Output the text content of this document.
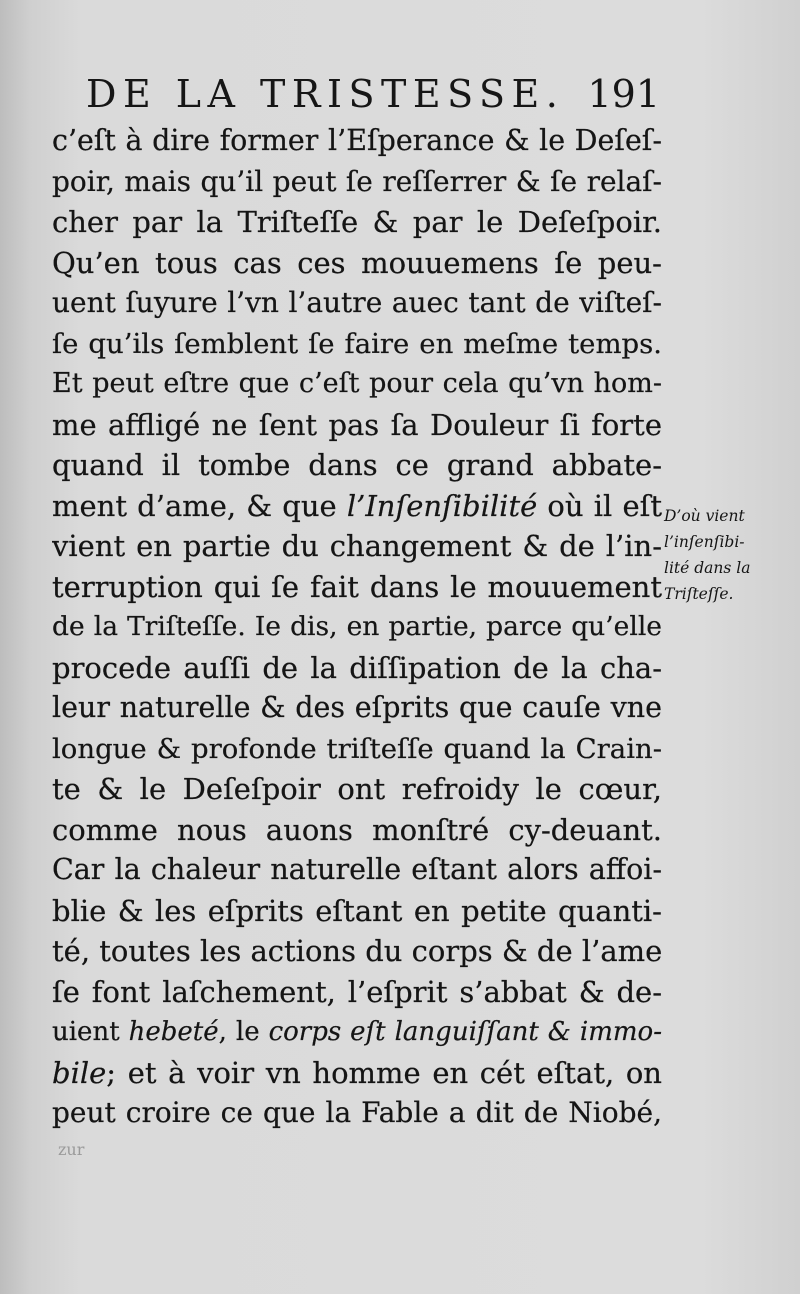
DE LA TRISTESSE. 191
c’eſt à dire former l’Eſperance & le Deſeſ-
poir, mais qu’il peut ſe reſſerrer & ſe relaſ-
cher par la Triſteſſe & par le Deſeſpoir.
Qu’en tous cas ces mouuemens ſe peu-
uent ſuyure l’vn l’autre auec tant de viſteſ-
ſe qu’ils ſemblent ſe faire en meſme temps.
Et peut eſtre que c’eſt pour cela qu’vn hom-
me affligé ne ſent pas ſa Douleur ſi forte
quand il tombe dans ce grand abbate-
ment d’ame, & que l’Inſenſibilité où il eſt
vient en partie du changement & de l’in-
terruption qui ſe fait dans le mouuement
de la Triſteſſe. Ie dis, en partie, parce qu’elle
procede auſſi de la diſſipation de la cha-
leur naturelle & des eſprits que cauſe vne
longue & profonde triſteſſe quand la Crain-
te & le Deſeſpoir ont refroidy le cœur,
comme nous auons monſtré cy-deuant.
Car la chaleur naturelle eſtant alors affoi-
blie & les eſprits eſtant en petite quanti-
té, toutes les actions du corps & de l’ame
ſe font laſchement, l’eſprit s’abbat & de-
uient hebeté, le corps eſt languiſſant & immo-
bile; et à voir vn homme en cét eſtat, on
peut croire ce que la Fable a dit de Niobé,
D’où vient
l’inſenſibi-
lité dans la
Triſteſſe.
zur
